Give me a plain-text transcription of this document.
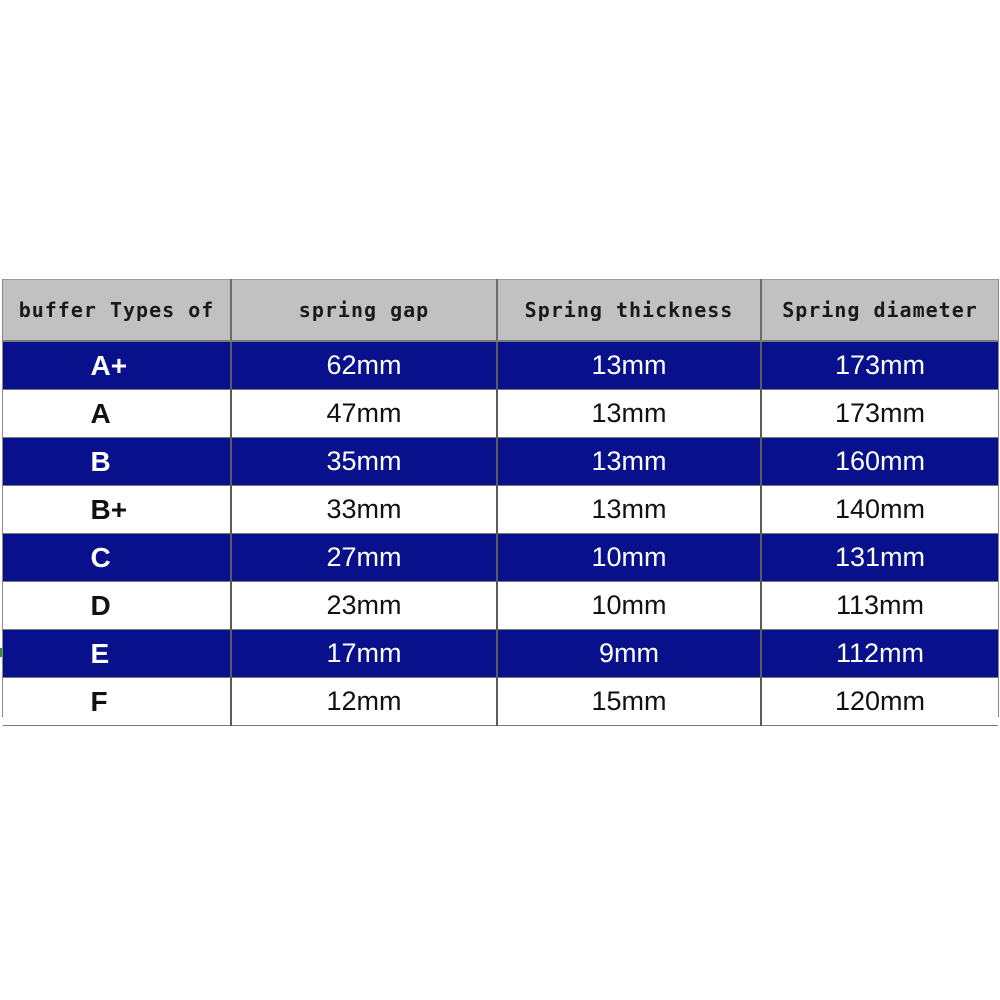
buffer Types of	spring gap	Spring thickness	Spring diameter
A+	62mm	13mm	173mm
A	47mm	13mm	173mm
B	35mm	13mm	160mm
B+	33mm	13mm	140mm
C	27mm	10mm	131mm
D	23mm	10mm	113mm
E	17mm	9mm	112mm
F	12mm	15mm	120mm
